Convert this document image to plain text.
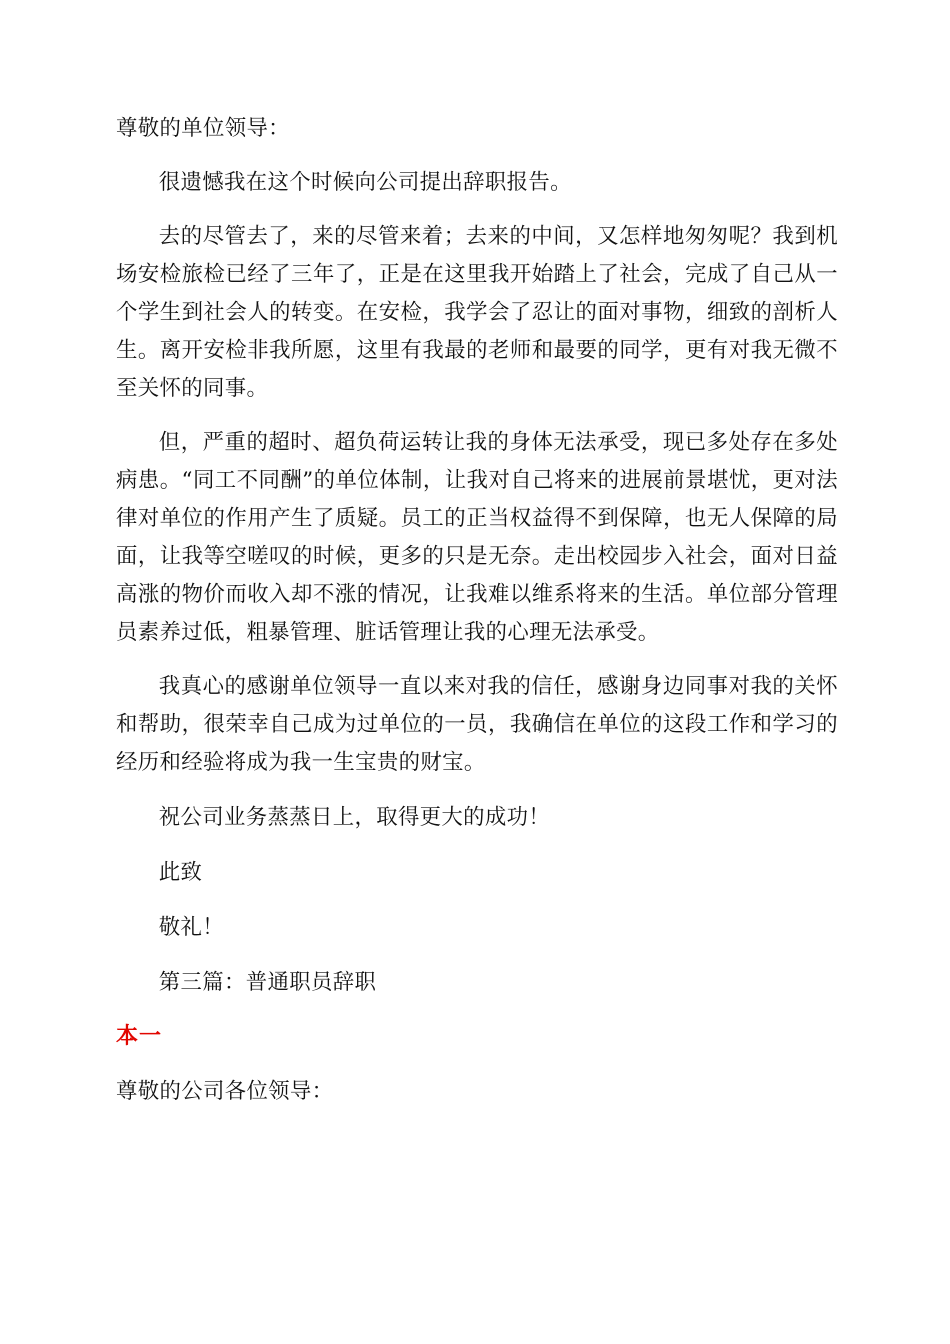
尊敬的单位领导：

很遗憾我在这个时候向公司提出辞职报告。

去的尽管去了，来的尽管来着；去来的中间，又怎样地匆匆呢？我到机场安检旅检已经了三年了，正是在这里我开始踏上了社会，完成了自己从一个学生到社会人的转变。在安检，我学会了忍让的面对事物，细致的剖析人生。离开安检非我所愿，这里有我最的老师和最要的同学，更有对我无微不至关怀的同事。

但，严重的超时、超负荷运转让我的身体无法承受，现已多处存在多处病患。“同工不同酬”的单位体制，让我对自己将来的进展前景堪忧，更对法律对单位的作用产生了质疑。员工的正当权益得不到保障，也无人保障的局面，让我等空嗟叹的时候，更多的只是无奈。走出校园步入社会，面对日益高涨的物价而收入却不涨的情况，让我难以维系将来的生活。单位部分管理员素养过低，粗暴管理、脏话管理让我的心理无法承受。

我真心的感谢单位领导一直以来对我的信任，感谢身边同事对我的关怀和帮助，很荣幸自己成为过单位的一员，我确信在单位的这段工作和学习的经历和经验将成为我一生宝贵的财宝。

祝公司业务蒸蒸日上，取得更大的成功！

此致

敬礼！

第三篇：普通职员辞职

本一

尊敬的公司各位领导：
